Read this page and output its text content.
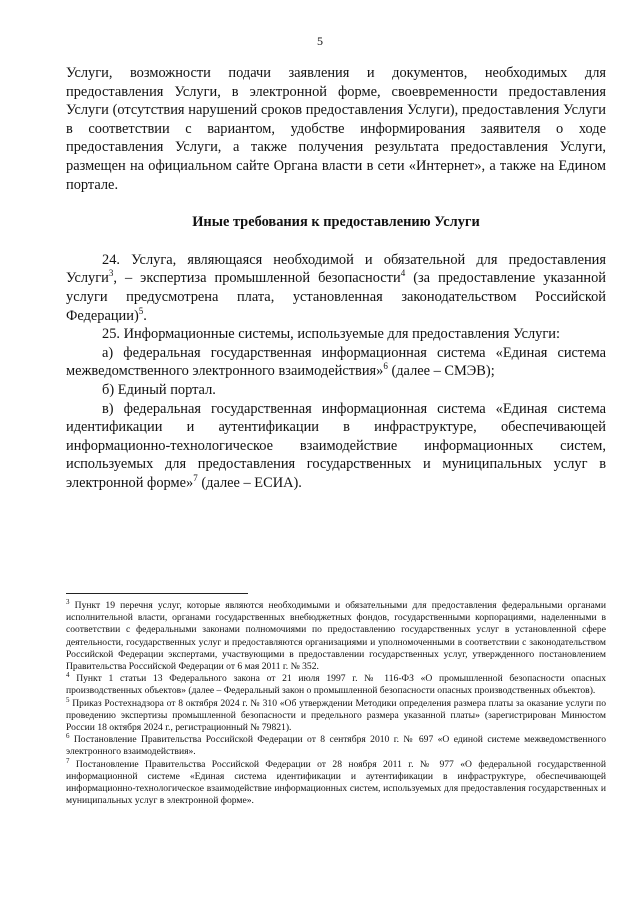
5

Услуги, возможности подачи заявления и документов, необходимых для предоставления Услуги, в электронной форме, своевременности предоставления Услуги (отсутствия нарушений сроков предоставления Услуги), предоставления Услуги в соответствии с вариантом, удобстве информирования заявителя о ходе предоставления Услуги, а также получения результата предоставления Услуги, размещен на официальном сайте Органа власти в сети «Интернет», а также на Едином портале.

Иные требования к предоставлению Услуги

24. Услуга, являющаяся необходимой и обязательной для предоставления Услуги$^3$, – экспертиза промышленной безопасности$^4$ (за предоставление указанной услуги предусмотрена плата, установленная законодательством Российской Федерации)$^5$.

25. Информационные системы, используемые для предоставления Услуги:

а) федеральная государственная информационная система «Единая система межведомственного электронного взаимодействия»$^6$ (далее – СМЭВ);

б) Единый портал.

в) федеральная государственная информационная система «Единая система идентификации и аутентификации в инфраструктуре, обеспечивающей информационно-технологическое взаимодействие информационных систем, используемых для предоставления государственных и муниципальных услуг в электронной форме»$^7$ (далее – ЕСИА).

$^3$ Пункт 19 перечня услуг, которые являются необходимыми и обязательными для предоставления федеральными органами исполнительной власти, органами государственных внебюджетных фондов, государственными корпорациями, наделенными в соответствии с федеральными законами полномочиями по предоставлению государственных услуг в установленной сфере деятельности, государственных услуг и предоставляются организациями и уполномоченными в соответствии с законодательством Российской Федерации экспертами, участвующими в предоставлении государственных услуг, утвержденного постановлением Правительства Российской Федерации от 6 мая 2011 г. № 352.

$^4$ Пункт 1 статьи 13 Федерального закона от 21 июля 1997 г. № 116-ФЗ «О промышленной безопасности опасных производственных объектов» (далее – Федеральный закон о промышленной безопасности опасных производственных объектов).

$^5$ Приказ Ростехнадзора от 8 октября 2024 г. № 310 «Об утверждении Методики определения размера платы за оказание услуги по проведению экспертизы промышленной безопасности и предельного размера указанной платы» (зарегистрирован Минюстом России 18 октября 2024 г., регистрационный № 79821).

$^6$ Постановление Правительства Российской Федерации от 8 сентября 2010 г. № 697 «О единой системе межведомственного электронного взаимодействия».

$^7$ Постановление Правительства Российской Федерации от 28 ноября 2011 г. № 977 «О федеральной государственной информационной системе «Единая система идентификации и аутентификации в инфраструктуре, обеспечивающей информационно-технологическое взаимодействие информационных систем, используемых для предоставления государственных и муниципальных услуг в электронной форме».
